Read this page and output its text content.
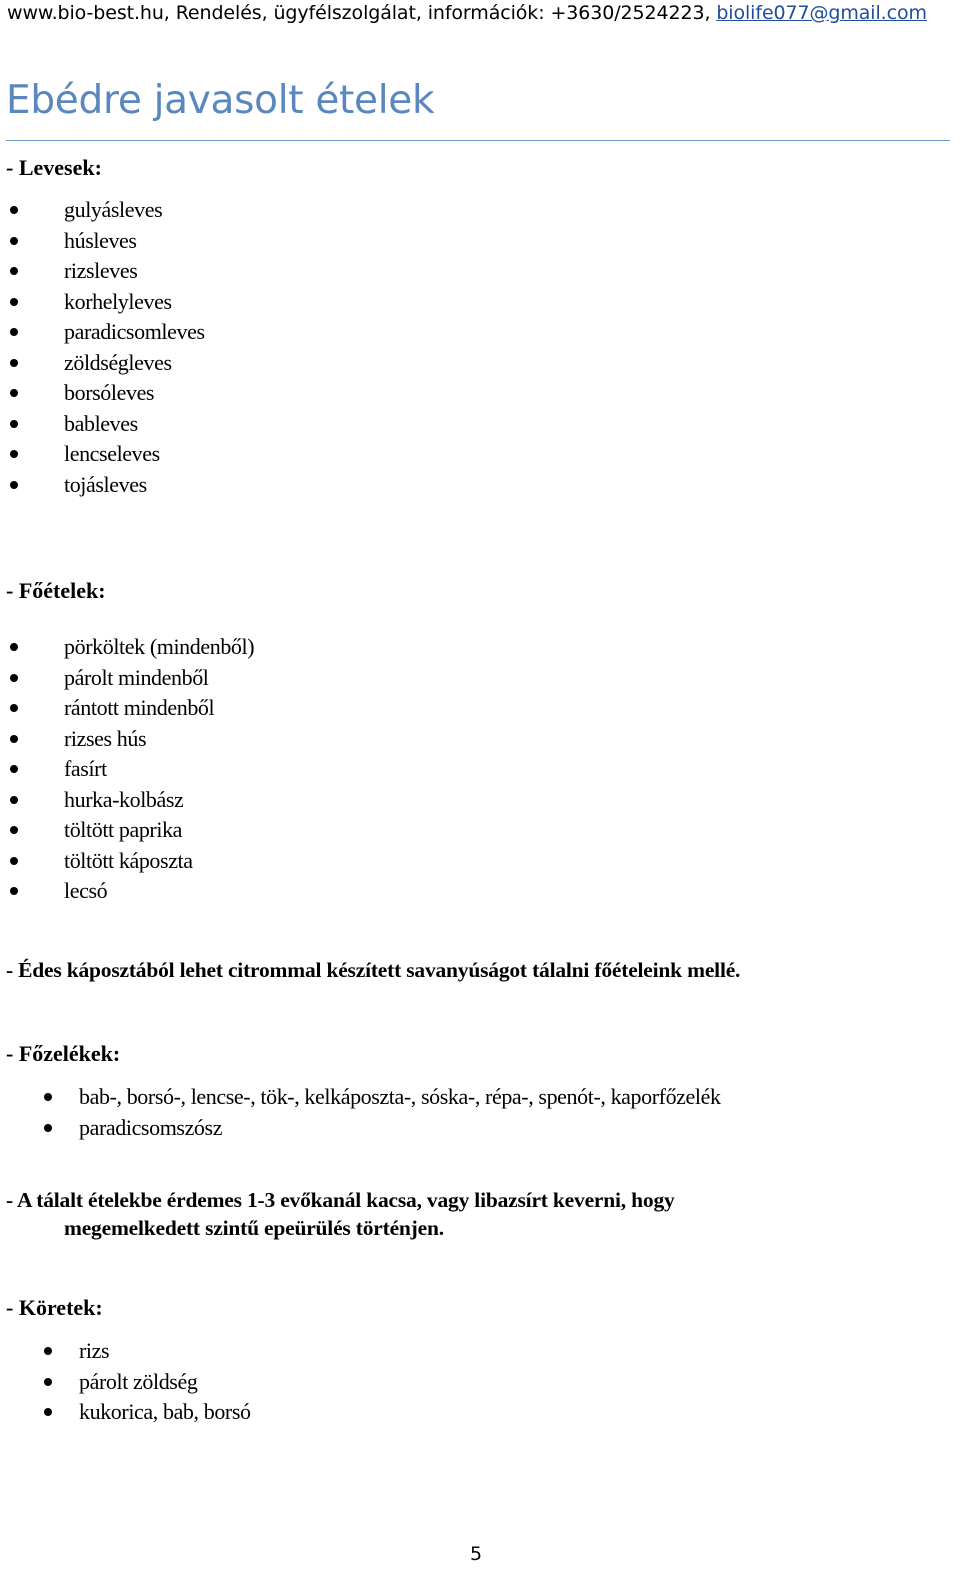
www.bio-best.hu, Rendelés, ügyfélszolgálat, információk: +3630/2524223, biolife077@gmail.com
Ebédre javasolt ételek
- Levesek:
gulyásleves
húsleves
rizsleves
korhelyleves
paradicsomleves
zöldségleves
borsóleves
bableves
lencseleves
tojásleves
- Főételek:
pörköltek (mindenből)
párolt mindenből
rántott mindenből
rizses hús
fasírt
hurka-kolbász
töltött paprika
töltött káposzta
lecsó
- Édes káposztából lehet citrommal készített savanyúságot tálalni főételeink mellé.
- Főzelékek:
bab-, borsó-, lencse-, tök-, kelkáposzta-, sóska-, répa-, spenót-, kaporfőzelék
paradicsomszósz
- A tálalt ételekbe érdemes 1-3 evőkanál kacsa, vagy libazsírt keverni, hogy
megemelkedett szintű epeürülés történjen.
- Köretek:
rizs
párolt zöldség
kukorica, bab, borsó
5
